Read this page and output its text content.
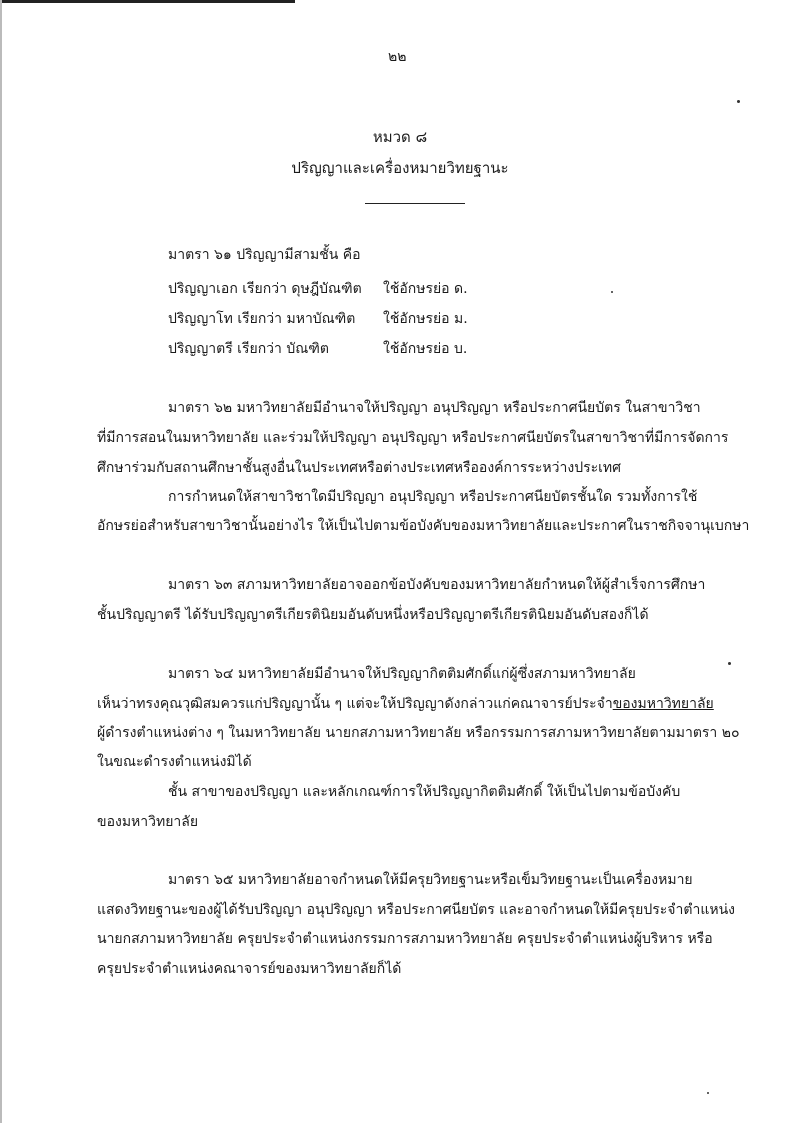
๒๒
หมวด ๘
ปริญญาและเครื่องหมายวิทยฐานะ
มาตรา ๖๑ ปริญญามีสามชั้น คือ
ปริญญาเอก เรียกว่า ดุษฎีบัณฑิต ใช้อักษรย่อ ด.
ปริญญาโท เรียกว่า มหาบัณฑิต ใช้อักษรย่อ ม.
ปริญญาตรี เรียกว่า บัณฑิต	ใช้อักษรย่อ บ.
มาตรา ๖๒ มหาวิทยาลัยมีอำนาจให้ปริญญา อนุปริญญา หรือประกาศนียบัตร ในสาขาวิชา
ที่มีการสอนในมหาวิทยาลัย และร่วมให้ปริญญา อนุปริญญา หรือประกาศนียบัตรในสาขาวิชาที่มีการจัดการ
ศึกษาร่วมกับสถานศึกษาชั้นสูงอื่นในประเทศหรือต่างประเทศหรือองค์การระหว่างประเทศ
การกำหนดให้สาขาวิชาใดมีปริญญา อนุปริญญา หรือประกาศนียบัตรชั้นใด รวมทั้งการใช้
อักษรย่อสำหรับสาขาวิชานั้นอย่างไร ให้เป็นไปตามข้อบังคับของมหาวิทยาลัยและประกาศในราชกิจจานุเบกษา
มาตรา ๖๓ สภามหาวิทยาลัยอาจออกข้อบังคับของมหาวิทยาลัยกำหนดให้ผู้สำเร็จการศึกษา
ชั้นปริญญาตรี ได้รับปริญญาตรีเกียรตินิยมอันดับหนึ่งหรือปริญญาตรีเกียรตินิยมอันดับสองก็ได้
มาตรา ๖๔ มหาวิทยาลัยมีอำนาจให้ปริญญากิตติมศักดิ์แก่ผู้ซึ่งสภามหาวิทยาลัย
เห็นว่าทรงคุณวุฒิสมควรแก่ปริญญานั้น ๆ แต่จะให้ปริญญาดังกล่าวแก่คณาจารย์ประจำของมหาวิทยาลัย
ผู้ดำรงตำแหน่งต่าง ๆ ในมหาวิทยาลัย นายกสภามหาวิทยาลัย หรือกรรมการสภามหาวิทยาลัยตามมาตรา ๒๐
ในขณะดำรงตำแหน่งมิได้
ชั้น สาขาของปริญญา และหลักเกณฑ์การให้ปริญญากิตติมศักดิ์ ให้เป็นไปตามข้อบังคับ
ของมหาวิทยาลัย
มาตรา ๖๕ มหาวิทยาลัยอาจกำหนดให้มีครุยวิทยฐานะหรือเข็มวิทยฐานะเป็นเครื่องหมาย
แสดงวิทยฐานะของผู้ได้รับปริญญา อนุปริญญา หรือประกาศนียบัตร และอาจกำหนดให้มีครุยประจำตำแหน่ง
นายกสภามหาวิทยาลัย ครุยประจำตำแหน่งกรรมการสภามหาวิทยาลัย ครุยประจำตำแหน่งผู้บริหาร หรือ
ครุยประจำตำแหน่งคณาจารย์ของมหาวิทยาลัยก็ได้
